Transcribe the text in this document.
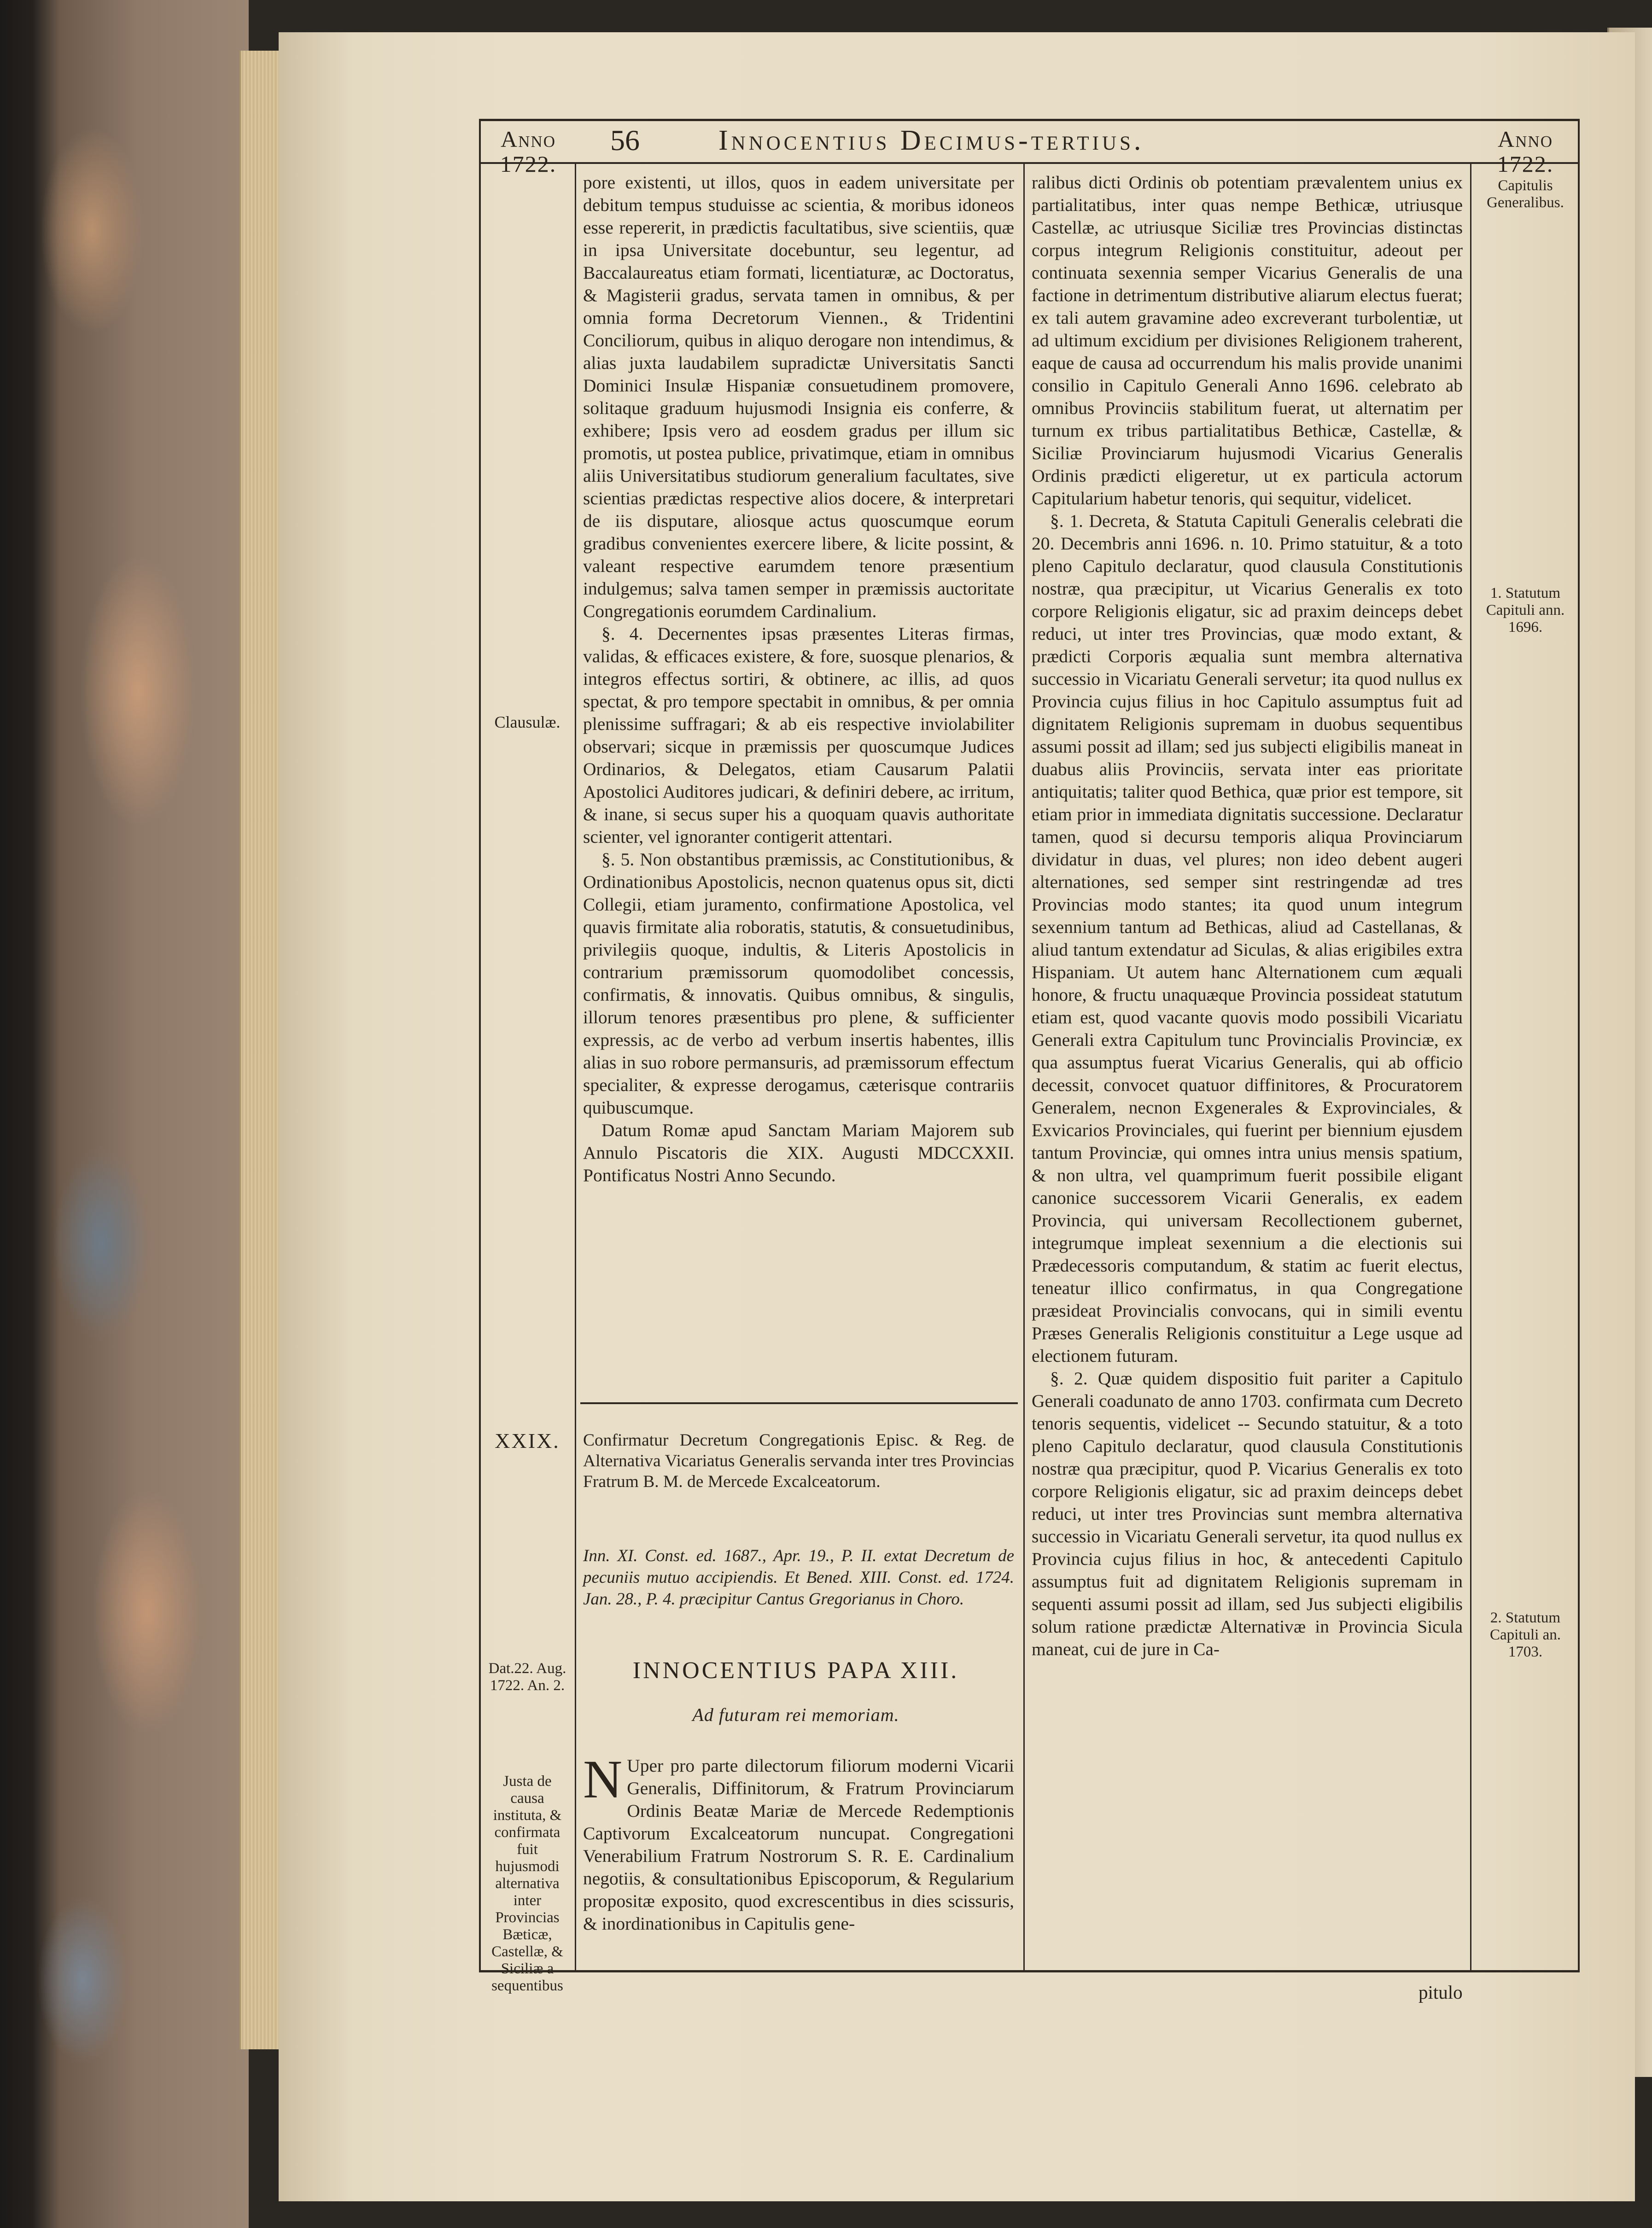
Anno
1722.
56	Innocentius Decimus-tertius.	Anno
1722.
Clausulæ.
XXIX.
Dat.22. Aug. 1722. An. 2.
Justa de causa instituta, & confirmata fuit hujusmodi alternativa inter Provincias Bæticæ, Castellæ, & Siciliæ a sequentibus
Capitulis Generalibus.
1. Statutum Capituli ann. 1696.
2. Statutum Capituli an. 1703.

pore existenti, ut illos, quos in eadem universitate per debitum tempus studuisse ac scientia, & moribus idoneos esse repererit, in prædictis facultatibus, sive scientiis, quæ in ipsa Universitate docebuntur, seu legentur, ad Baccalaureatus etiam formati, licentiaturæ, ac Doctoratus, & Magisterii gradus, servata tamen in omnibus, & per omnia forma Decretorum Viennen., & Tridentini Conciliorum, quibus in aliquo derogare non intendimus, & alias juxta laudabilem supradictæ Universitatis Sancti Dominici Insulæ Hispaniæ consuetudinem promovere, solitaque graduum hujusmodi Insignia eis conferre, & exhibere; Ipsis vero ad eosdem gradus per illum sic promotis, ut postea publice, privatimque, etiam in omnibus aliis Universitatibus studiorum generalium facultates, sive scientias prædictas respective alios docere, & interpretari de iis disputare, aliosque actus quoscumque eorum gradibus convenientes exercere libere, & licite possint, & valeant respective earumdem tenore præsentium indulgemus; salva tamen semper in præmissis auctoritate Congregationis eorumdem Cardinalium.

§. 4. Decernentes ipsas præsentes Literas firmas, validas, & efficaces existere, & fore, suosque plenarios, & integros effectus sortiri, & obtinere, ac illis, ad quos spectat, & pro tempore spectabit in omnibus, & per omnia plenissime suffragari; & ab eis respective inviolabiliter observari; sicque in præmissis per quoscumque Judices Ordinarios, & Delegatos, etiam Causarum Palatii Apostolici Auditores judicari, & definiri debere, ac irritum, & inane, si secus super his a quoquam quavis authoritate scienter, vel ignoranter contigerit attentari.

§. 5. Non obstantibus præmissis, ac Constitutionibus, & Ordinationibus Apostolicis, necnon quatenus opus sit, dicti Collegii, etiam juramento, confirmatione Apostolica, vel quavis firmitate alia roboratis, statutis, & consuetudinibus, privilegiis quoque, indultis, & Literis Apostolicis in contrarium præmissorum quomodolibet concessis, confirmatis, & innovatis. Quibus omnibus, & singulis, illorum tenores præsentibus pro plene, & sufficienter expressis, ac de verbo ad verbum insertis habentes, illis alias in suo robore permansuris, ad præmissorum effectum specialiter, & expresse derogamus, cæterisque contrariis quibuscumque.

Datum Romæ apud Sanctam Mariam Majorem sub Annulo Piscatoris die XIX. Augusti MDCCXXII. Pontificatus Nostri Anno Secundo.

Confirmatur Decretum Congregationis Episc. & Reg. de Alternativa Vicariatus Generalis servanda inter tres Provincias Fratrum B. M. de Mercede Excalceatorum.
Inn. XI. Const. ed. 1687., Apr. 19., P. II. extat Decretum de pecuniis mutuo accipiendis. Et Bened. XIII. Const. ed. 1724. Jan. 28., P. 4. præcipitur Cantus Gregorianus in Choro.
INNOCENTIUS PAPA XIII.
Ad futuram rei memoriam.
N Uper pro parte dilectorum filiorum moderni Vicarii Generalis, Diffinitorum, & Fratrum Provinciarum Ordinis Beatæ Mariæ de Mercede Redemptionis Captivorum Excalceatorum nuncupat. Congregationi Venerabilium Fratrum Nostrorum S. R. E. Cardinalium negotiis, & consultationibus Episcoporum, & Regularium propositæ exposito, quod excrescentibus in dies scissuris, & inordinationibus in Capitulis gene-

ralibus dicti Ordinis ob potentiam prævalentem unius ex partialitatibus, inter quas nempe Bethicæ, utriusque Castellæ, ac utriusque Siciliæ tres Provincias distinctas corpus integrum Religionis constituitur, adeout per continuata sexennia semper Vicarius Generalis de una factione in detrimentum distributive aliarum electus fuerat; ex tali autem gravamine adeo excreverant turbolentiæ, ut ad ultimum excidium per divisiones Religionem traherent, eaque de causa ad occurrendum his malis provide unanimi consilio in Capitulo Generali Anno 1696. celebrato ab omnibus Provinciis stabilitum fuerat, ut alternatim per turnum ex tribus partialitatibus Bethicæ, Castellæ, & Siciliæ Provinciarum hujusmodi Vicarius Generalis Ordinis prædicti eligeretur, ut ex particula actorum Capitularium habetur tenoris, qui sequitur, videlicet.

§. 1. Decreta, & Statuta Capituli Generalis celebrati die 20. Decembris anni 1696. n. 10. Primo statuitur, & a toto pleno Capitulo declaratur, quod clausula Constitutionis nostræ, qua præcipitur, ut Vicarius Generalis ex toto corpore Religionis eligatur, sic ad praxim deinceps debet reduci, ut inter tres Provincias, quæ modo extant, & prædicti Corporis æqualia sunt membra alternativa successio in Vicariatu Generali servetur; ita quod nullus ex Provincia cujus filius in hoc Capitulo assumptus fuit ad dignitatem Religionis supremam in duobus sequentibus assumi possit ad illam; sed jus subjecti eligibilis maneat in duabus aliis Provinciis, servata inter eas prioritate antiquitatis; taliter quod Bethica, quæ prior est tempore, sit etiam prior in immediata dignitatis successione. Declaratur tamen, quod si decursu temporis aliqua Provinciarum dividatur in duas, vel plures; non ideo debent augeri alternationes, sed semper sint restringendæ ad tres Provincias modo stantes; ita quod unum integrum sexennium tantum ad Bethicas, aliud ad Castellanas, & aliud tantum extendatur ad Siculas, & alias erigibiles extra Hispaniam. Ut autem hanc Alternationem cum æquali honore, & fructu unaquæque Provincia possideat statutum etiam est, quod vacante quovis modo possibili Vicariatu Generali extra Capitulum tunc Provincialis Provinciæ, ex qua assumptus fuerat Vicarius Generalis, qui ab officio decessit, convocet quatuor diffinitores, & Procuratorem Generalem, necnon Exgenerales & Exprovinciales, & Exvicarios Provinciales, qui fuerint per biennium ejusdem tantum Provinciæ, qui omnes intra unius mensis spatium, & non ultra, vel quamprimum fuerit possibile eligant canonice successorem Vicarii Generalis, ex eadem Provincia, qui universam Recollectionem gubernet, integrumque impleat sexennium a die electionis sui Prædecessoris computandum, & statim ac fuerit electus, teneatur illico confirmatus, in qua Congregatione præsideat Provincialis convocans, qui in simili eventu Præses Generalis Religionis constituitur a Lege usque ad electionem futuram.

§. 2. Quæ quidem dispositio fuit pariter a Capitulo Generali coadunato de anno 1703. confirmata cum Decreto tenoris sequentis, videlicet -- Secundo statuitur, & a toto pleno Capitulo declaratur, quod clausula Constitutionis nostræ qua præcipitur, quod P. Vicarius Generalis ex toto corpore Religionis eligatur, sic ad praxim deinceps debet reduci, ut inter tres Provincias sunt membra alternativa successio in Vicariatu Generali servetur, ita quod nullus ex Provincia cujus filius in hoc, & antecedenti Capitulo assumptus fuit ad dignitatem Religionis supremam in sequenti assumi possit ad illam, sed Jus subjecti eligibilis solum ratione prædictæ Alternativæ in Provincia Sicula maneat, cui de jure in Ca-

pitulo
